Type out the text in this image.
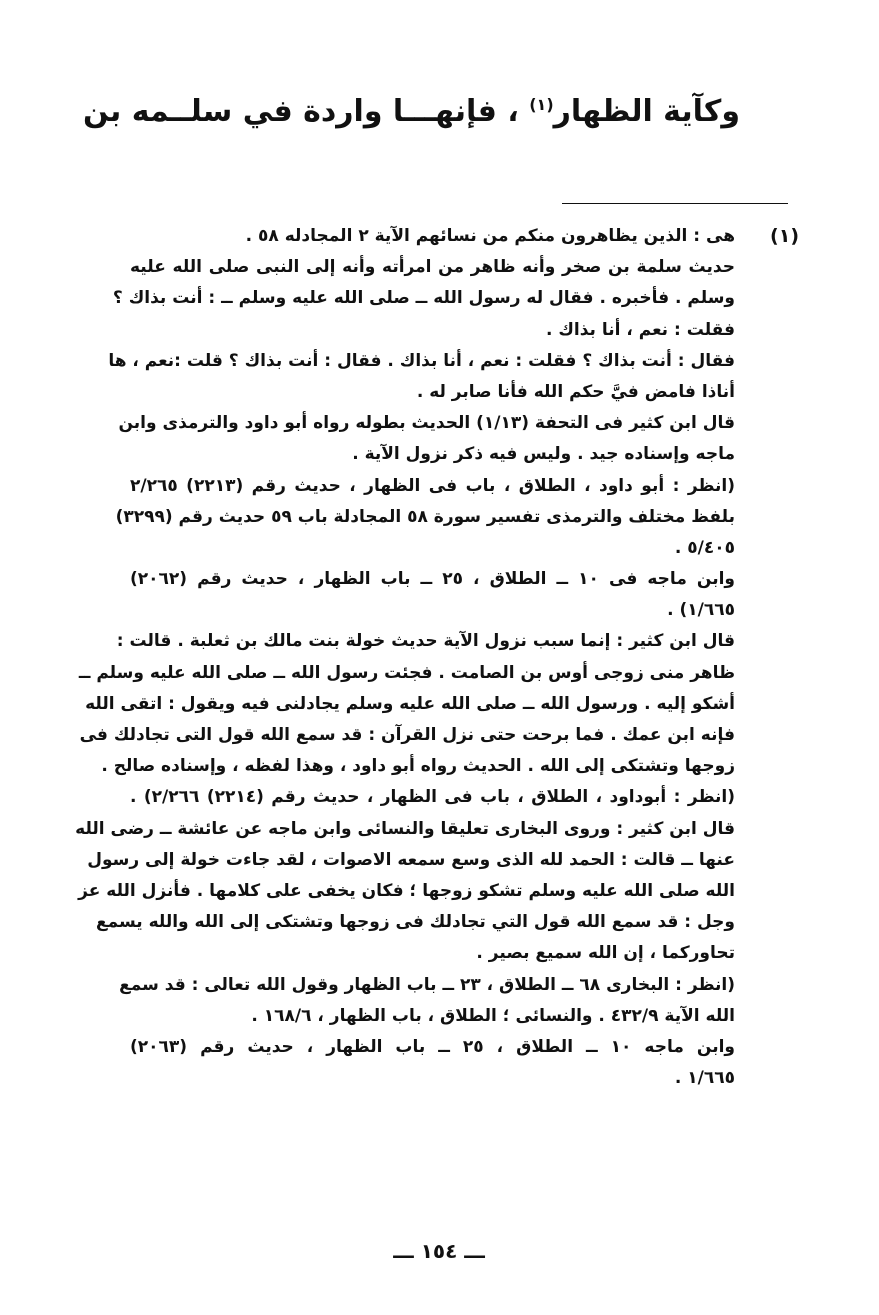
وكآية الظهار$^{(١)}$ ، فإنهـــا واردة في سلــمه بن
(١)
هى : الذين يظاهرون منكم من نسائهم الآية ٢ المجادله ٥٨ .
حديث سلمة بن صخر وأنه ظاهر من امرأته وأنه إلى النبى صلى الله عليه
وسلم . فأخبره . فقال له رسول الله ــ صلى الله عليه وسلم ــ : أنت بذاك ؟
فقلت : نعم ، أنا بذاك .
فقال : أنت بذاك ؟ فقلت : نعم ، أنا بذاك . فقال : أنت بذاك ؟ قلت :نعم ، ها
أناذا فامض فيَّ حكم الله فأنا صابر له .
قال ابن كثير فى التحفة (١/١٣) الحديث بطوله رواه أبو داود والترمذى وابن
ماجه وإسناده جيد . وليس فيه ذكر نزول الآية .
(انظر : أبو داود ، الطلاق ، باب فى الظهار ، حديث رقم (٢٢١٣) ٢/٢٦٥
بلفظ مختلف والترمذى تفسير سورة ٥٨ المجادلة باب ٥٩ حديث رقم (٣٢٩٩)
٥/٤٠٥ .
وابن ماجه فى ١٠ ــ الطلاق ، ٢٥ ــ باب الظهار ، حديث رقم (٢٠٦٢)
١/٦٦٥) .
قال ابن كثير : إنما سبب نزول الآية حديث خولة بنت مالك بن ثعلبة . قالت :
ظاهر منى زوجى أوس بن الصامت . فجئت رسول الله ــ صلى الله عليه وسلم ــ
أشكو إليه . ورسول الله ــ صلى الله عليه وسلم يجادلنى فيه ويقول : اتقى الله
فإنه ابن عمك . فما برحت حتى نزل القرآن : قد سمع الله قول التى تجادلك فى
زوجها وتشتكى إلى الله . الحديث رواه أبو داود ، وهذا لفظه ، وإسناده صالح .
(انظر : أبوداود ، الطلاق ، باب فى الظهار ، حديث رقم (٢٢١٤) ٢/٢٦٦) .
قال ابن كثير : وروى البخارى تعليقا والنسائى وابن ماجه عن عائشة ــ رضى الله
عنها ــ قالت : الحمد لله الذى وسع سمعه الاصوات ، لقد جاءت خولة إلى رسول
الله صلى الله عليه وسلم تشكو زوجها ؛ فكان يخفى على كلامها . فأنزل الله عز
وجل : قد سمع الله قول التي تجادلك فى زوجها وتشتكى إلى الله والله يسمع
تحاوركما ، إن الله سميع بصير .
(انظر : البخارى ٦٨ ــ الطلاق ، ٢٣ ــ باب الظهار وقول الله تعالى : قد سمع
الله الآية ٤٣٢/٩ . والنسائى ؛ الطلاق ، باب الظهار ، ١٦٨/٦ .
وابن ماجه ١٠ ــ الطلاق ، ٢٥ ــ باب الظهار ، حديث رقم (٢٠٦٣)
١/٦٦٥ .
ـــ ١٥٤ ـــ
